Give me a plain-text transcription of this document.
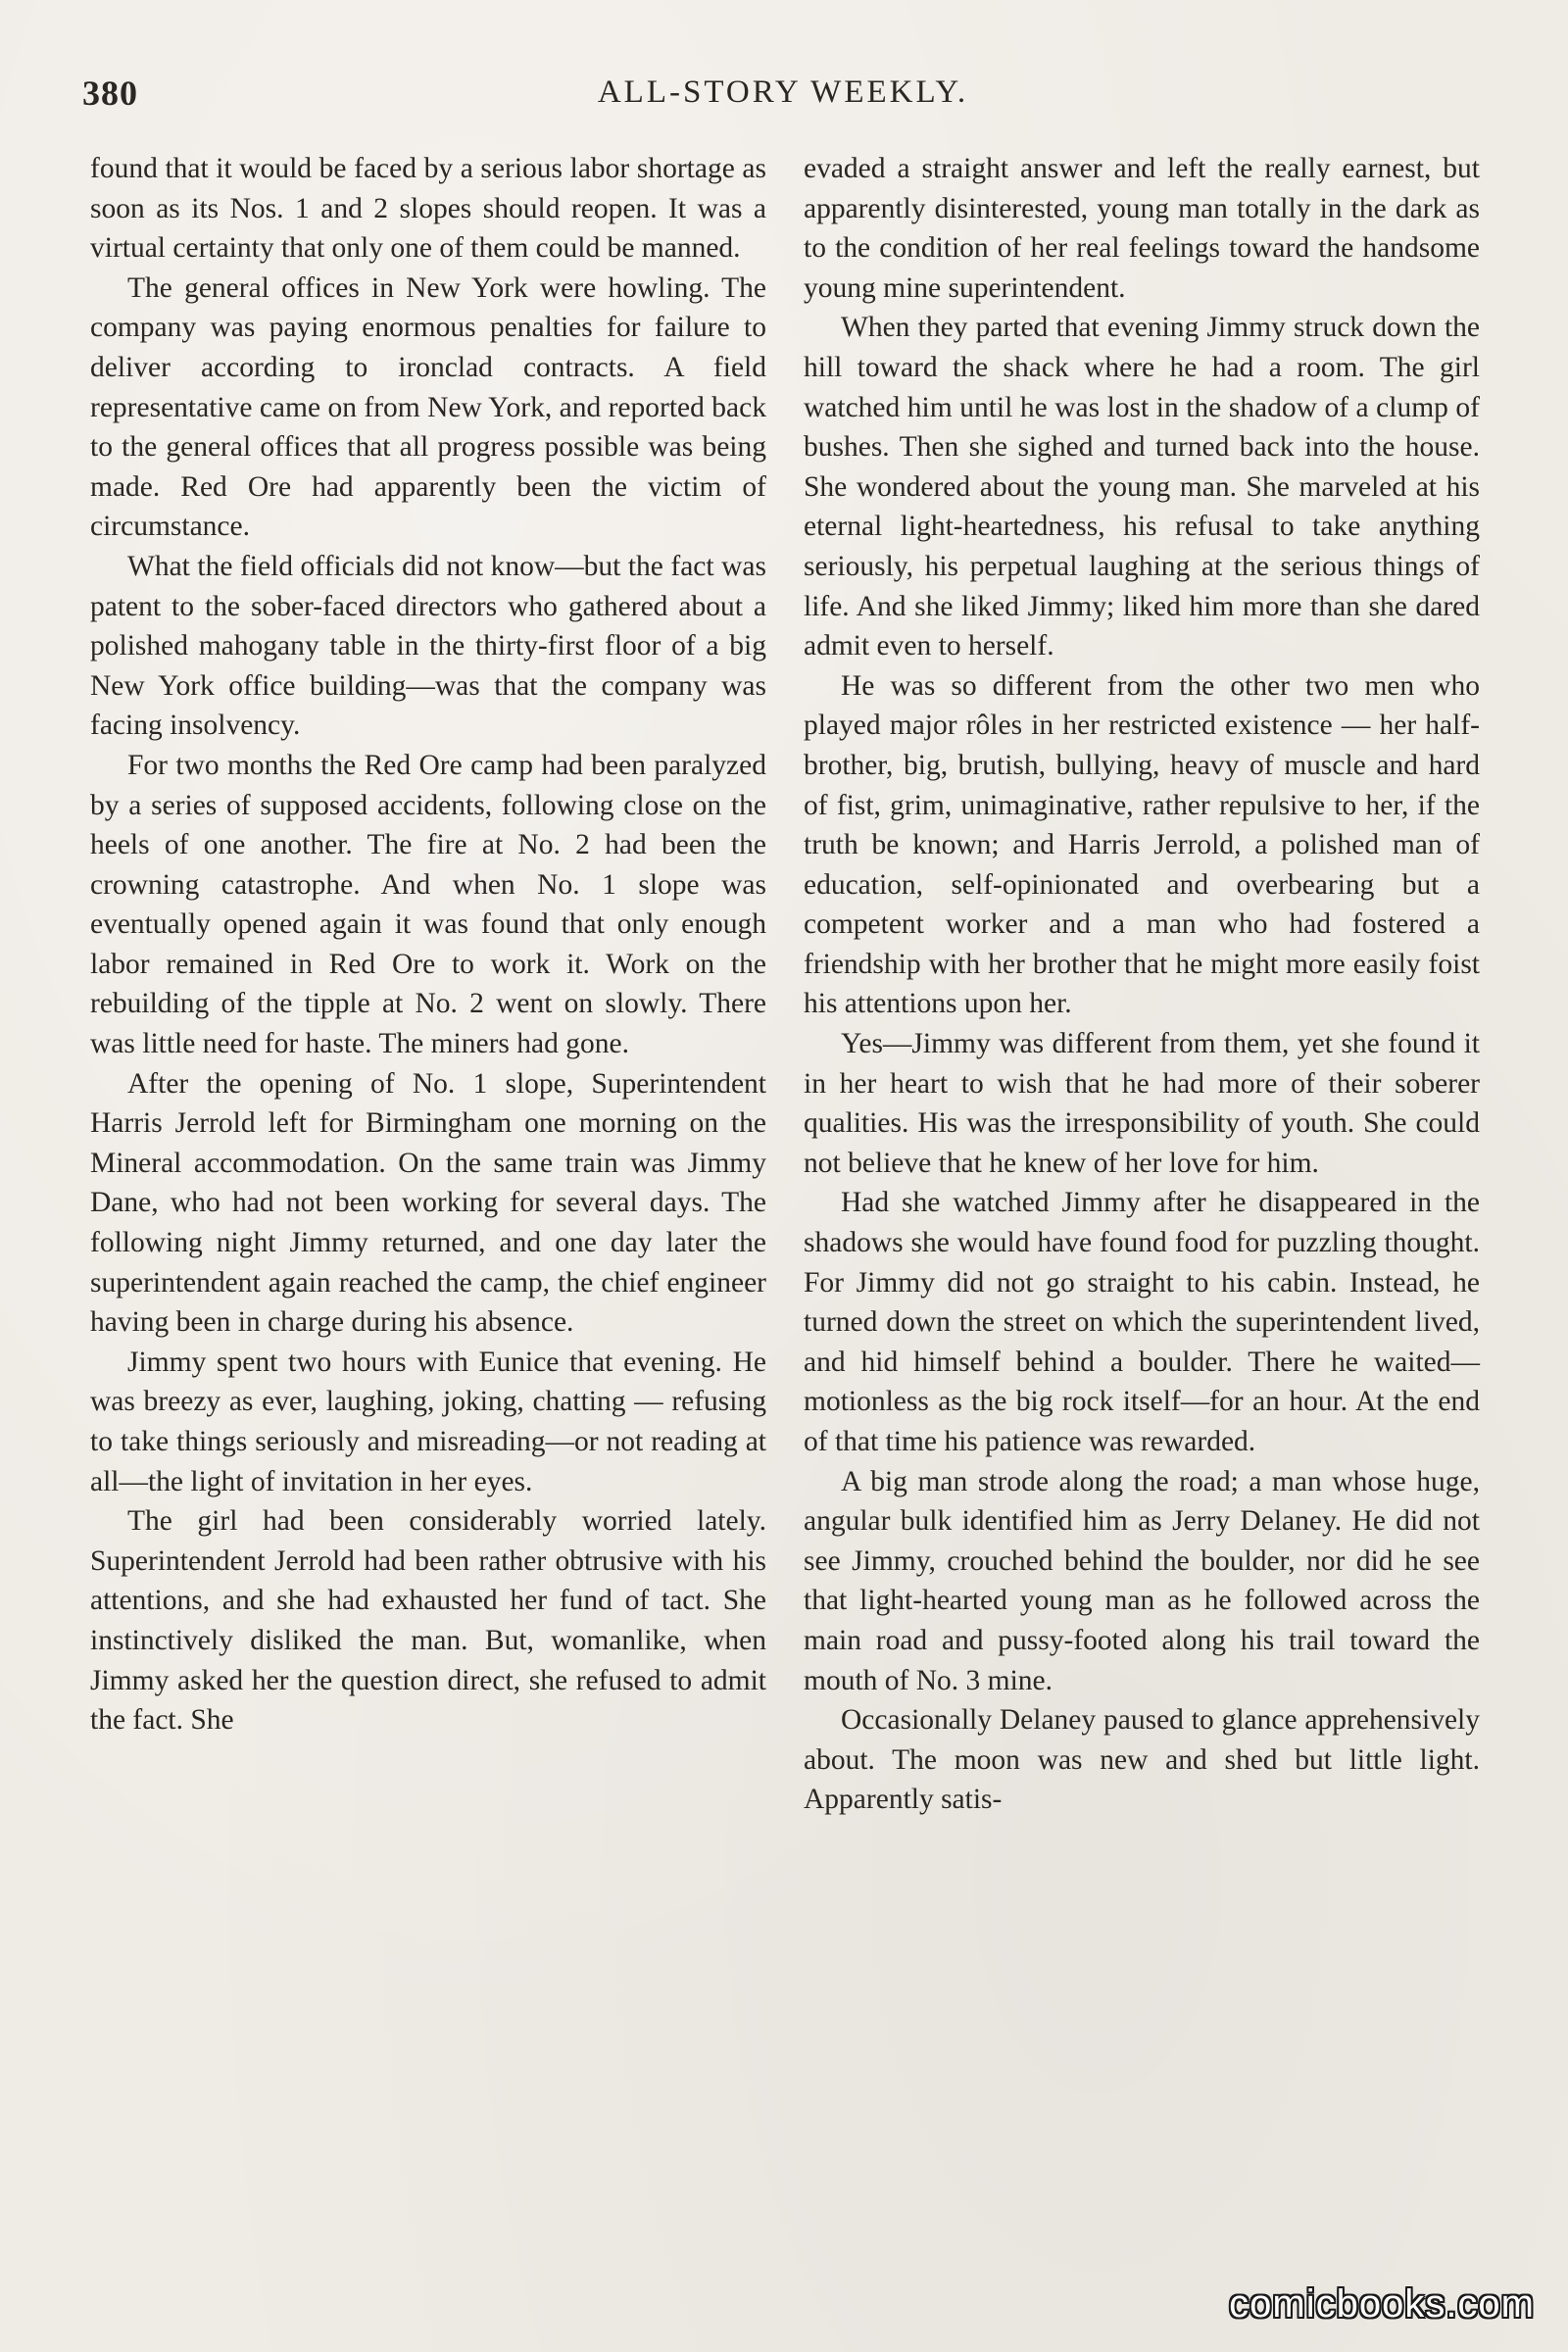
380	ALL-STORY WEEKLY.

found that it would be faced by a serious labor shortage as soon as its Nos. 1 and 2 slopes should reopen. It was a virtual certainty that only one of them could be manned.

The general offices in New York were howling. The company was paying enormous penalties for failure to deliver according to ironclad contracts. A field representative came on from New York, and reported back to the general offices that all progress possible was being made. Red Ore had apparently been the victim of circumstance.

What the field officials did not know—but the fact was patent to the sober-faced directors who gathered about a polished mahogany table in the thirty-first floor of a big New York office building—was that the company was facing insolvency.

For two months the Red Ore camp had been paralyzed by a series of supposed accidents, following close on the heels of one another. The fire at No. 2 had been the crowning catastrophe. And when No. 1 slope was eventually opened again it was found that only enough labor remained in Red Ore to work it. Work on the rebuilding of the tipple at No. 2 went on slowly. There was little need for haste. The miners had gone.

After the opening of No. 1 slope, Superintendent Harris Jerrold left for Birmingham one morning on the Mineral accommodation. On the same train was Jimmy Dane, who had not been working for several days. The following night Jimmy returned, and one day later the superintendent again reached the camp, the chief engineer having been in charge during his absence.

Jimmy spent two hours with Eunice that evening. He was breezy as ever, laughing, joking, chatting — refusing to take things seriously and misreading—or not reading at all—the light of invitation in her eyes.

The girl had been considerably worried lately. Superintendent Jerrold had been rather obtrusive with his attentions, and she had exhausted her fund of tact. She instinctively disliked the man. But, womanlike, when Jimmy asked her the question direct, she refused to admit the fact. She

evaded a straight answer and left the really earnest, but apparently disinterested, young man totally in the dark as to the condition of her real feelings toward the handsome young mine superintendent.

When they parted that evening Jimmy struck down the hill toward the shack where he had a room. The girl watched him until he was lost in the shadow of a clump of bushes. Then she sighed and turned back into the house. She wondered about the young man. She marveled at his eternal light-heartedness, his refusal to take anything seriously, his perpetual laughing at the serious things of life. And she liked Jimmy; liked him more than she dared admit even to herself.

He was so different from the other two men who played major rôles in her restricted existence — her half-brother, big, brutish, bullying, heavy of muscle and hard of fist, grim, unimaginative, rather repulsive to her, if the truth be known; and Harris Jerrold, a polished man of education, self-opinionated and overbearing but a competent worker and a man who had fostered a friendship with her brother that he might more easily foist his attentions upon her.

Yes—Jimmy was different from them, yet she found it in her heart to wish that he had more of their soberer qualities. His was the irresponsibility of youth. She could not believe that he knew of her love for him.

Had she watched Jimmy after he disappeared in the shadows she would have found food for puzzling thought. For Jimmy did not go straight to his cabin. Instead, he turned down the street on which the superintendent lived, and hid himself behind a boulder. There he waited—motionless as the big rock itself—for an hour. At the end of that time his patience was rewarded.

A big man strode along the road; a man whose huge, angular bulk identified him as Jerry Delaney. He did not see Jimmy, crouched behind the boulder, nor did he see that light-hearted young man as he followed across the main road and pussy-footed along his trail toward the mouth of No. 3 mine.

Occasionally Delaney paused to glance apprehensively about. The moon was new and shed but little light. Apparently satis-

comicbooks.com
